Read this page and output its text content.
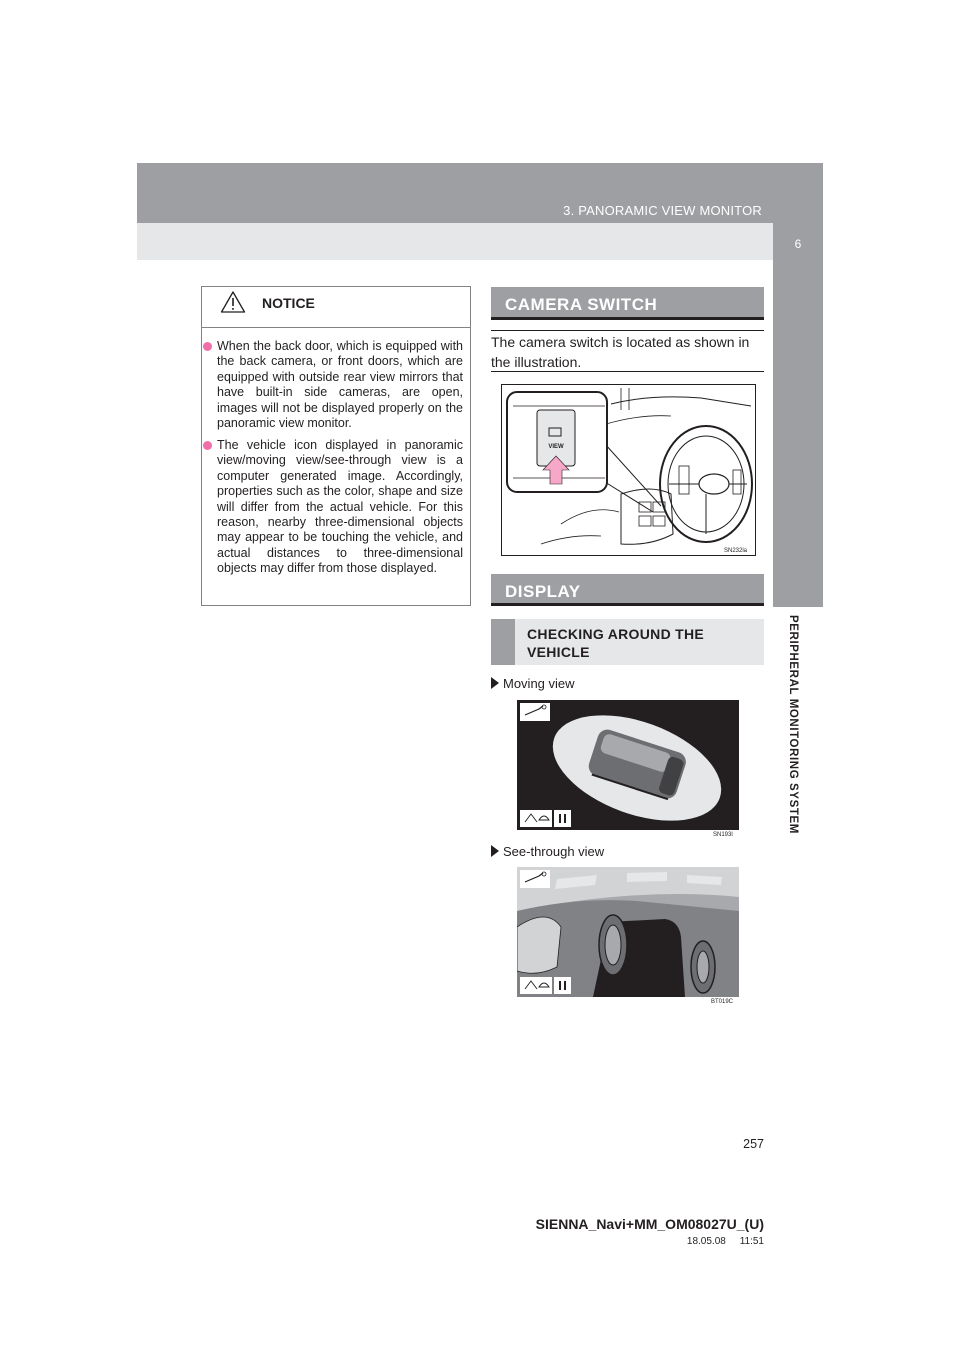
3. PANORAMIC VIEW MONITOR
6
PERIPHERAL MONITORING SYSTEM
NOTICE
When the back door, which is equipped with the back camera, or front doors, which are equipped with outside rear view mirrors that have built-in side cameras, are open, images will not be displayed properly on the panoramic view monitor.
The vehicle icon displayed in panoramic view/moving view/see-through view is a computer generated image. Accordingly, properties such as the color, shape and size will differ from the actual vehicle. For this reason, nearby three-dimensional objects may appear to be touching the vehicle, and actual distances to three-dimensional objects may differ from those displayed.
CAMERA SWITCH
The camera switch is located as shown in the illustration.
VIEW
SN232la
DISPLAY
CHECKING AROUND THE VEHICLE
Moving view
SN193l
See-through view
BT019C
257
SIENNA_Navi+MM_OM08027U_(U)
18.05.08     11:51
